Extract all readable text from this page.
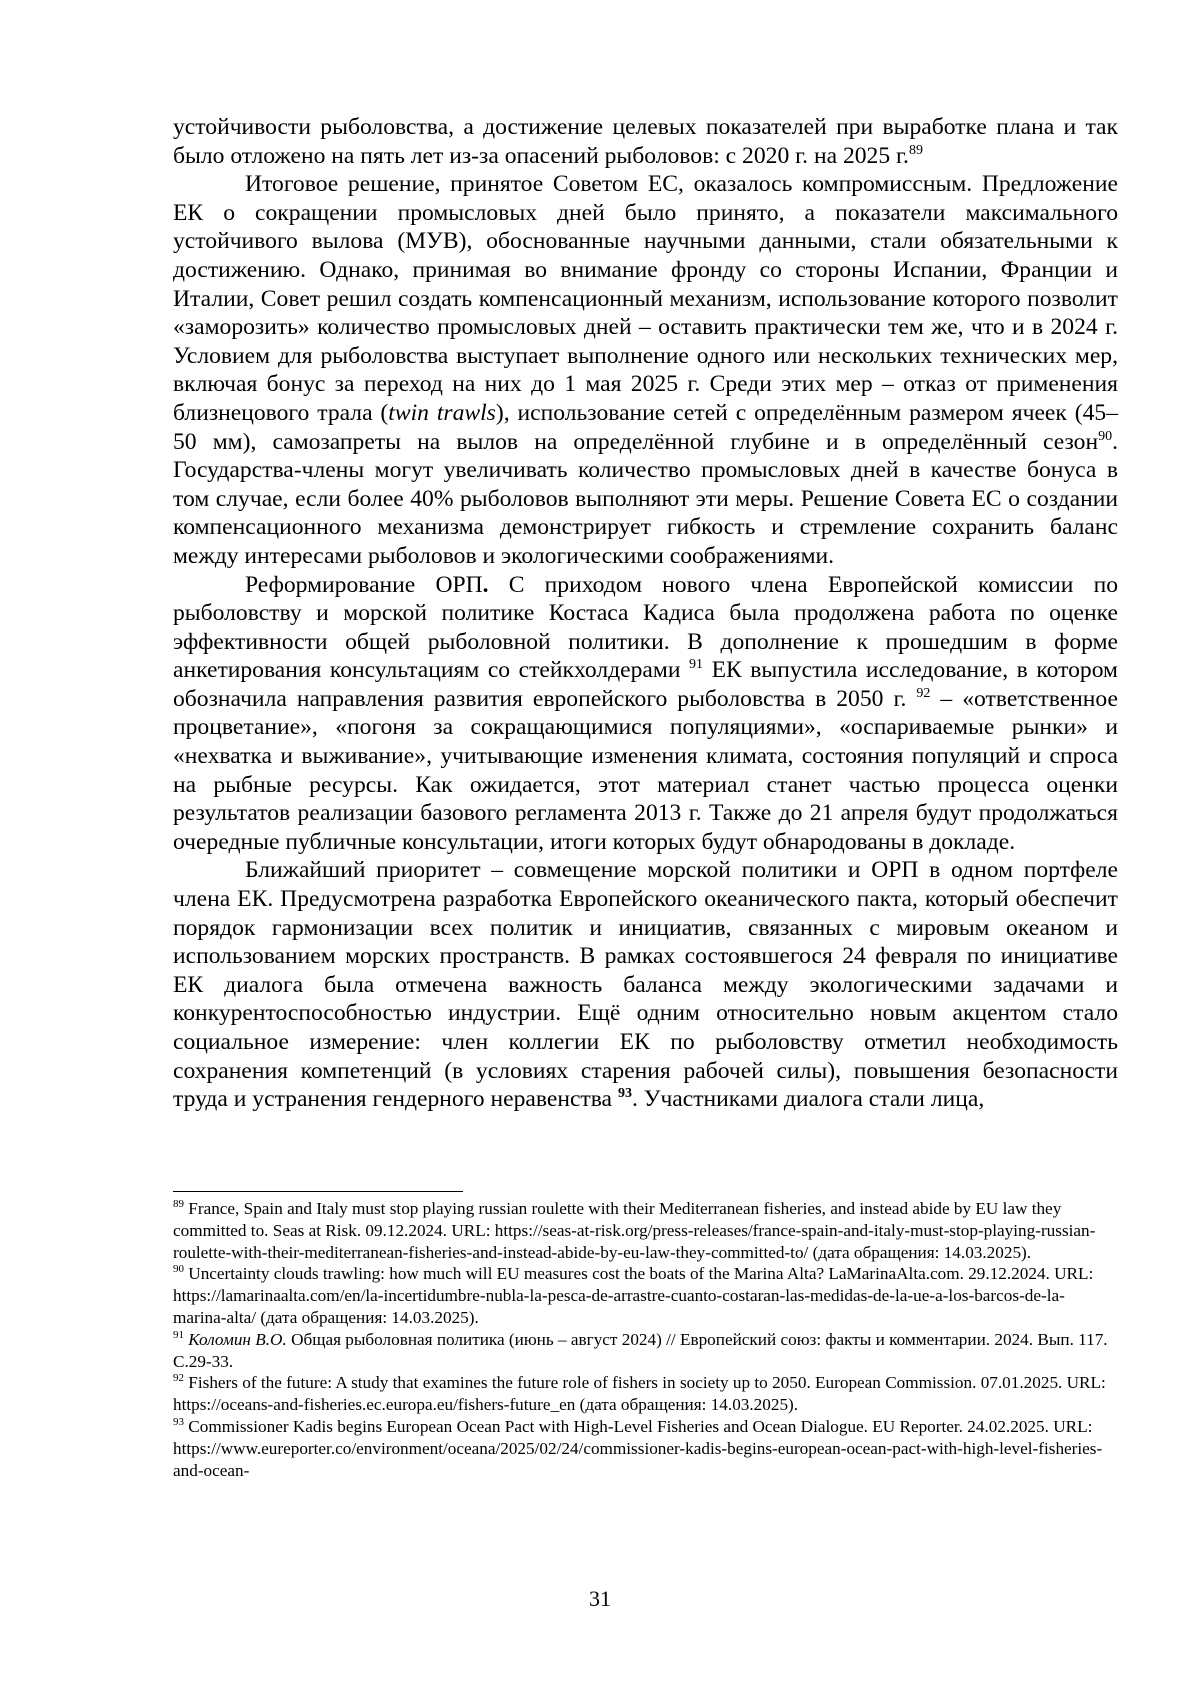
устойчивости рыболовства, а достижение целевых показателей при выработке плана и так было отложено на пять лет из-за опасений рыболовов: с 2020 г. на 2025 г.$^{89}$

Итоговое решение, принятое Советом ЕС, оказалось компромиссным. Предложение ЕК о сокращении промысловых дней было принято, а показатели максимального устойчивого вылова (МУВ), обоснованные научными данными, стали обязательными к достижению. Однако, принимая во внимание фронду со стороны Испании, Франции и Италии, Совет решил создать компенсационный механизм, использование которого позволит «заморозить» количество промысловых дней – оставить практически тем же, что и в 2024 г. Условием для рыболовства выступает выполнение одного или нескольких технических мер, включая бонус за переход на них до 1 мая 2025 г. Среди этих мер – отказ от применения близнецового трала (twin trawls), использование сетей с определённым размером ячеек (45–50 мм), самозапреты на вылов на определённой глубине и в определённый сезон$^{90}$. Государства-члены могут увеличивать количество промысловых дней в качестве бонуса в том случае, если более 40% рыболовов выполняют эти меры. Решение Совета ЕС о создании компенсационного механизма демонстрирует гибкость и стремление сохранить баланс между интересами рыболовов и экологическими соображениями.

Реформирование ОРП. С приходом нового члена Европейской комиссии по рыболовству и морской политике Костаса Кадиса была продолжена работа по оценке эффективности общей рыболовной политики. В дополнение к прошедшим в форме анкетирования консультациям со стейкхолдерами $^{91}$ ЕК выпустила исследование, в котором обозначила направления развития европейского рыболовства в 2050 г. $^{92}$ – «ответственное процветание», «погоня за сокращающимися популяциями», «оспариваемые рынки» и «нехватка и выживание», учитывающие изменения климата, состояния популяций и спроса на рыбные ресурсы. Как ожидается, этот материал станет частью процесса оценки результатов реализации базового регламента 2013 г. Также до 21 апреля будут продолжаться очередные публичные консультации, итоги которых будут обнародованы в докладе.

Ближайший приоритет – совмещение морской политики и ОРП в одном портфеле члена ЕК. Предусмотрена разработка Европейского океанического пакта, который обеспечит порядок гармонизации всех политик и инициатив, связанных с мировым океаном и использованием морских пространств. В рамках состоявшегося 24 февраля по инициативе ЕК диалога была отмечена важность баланса между экологическими задачами и конкурентоспособностью индустрии. Ещё одним относительно новым акцентом стало социальное измерение: член коллегии ЕК по рыболовству отметил необходимость сохранения компетенций (в условиях старения рабочей силы), повышения безопасности труда и устранения гендерного неравенства $^{93}$. Участниками диалога стали лица,

$^{89}$ France, Spain and Italy must stop playing russian roulette with their Mediterranean fisheries, and instead abide by EU law they committed to. Seas at Risk. 09.12.2024. URL: https://seas-at-risk.org/press-releases/france-spain-and-italy-must-stop-playing-russian-roulette-with-their-mediterranean-fisheries-and-instead-abide-by-eu-law-they-committed-to/ (дата обращения: 14.03.2025).

$^{90}$ Uncertainty clouds trawling: how much will EU measures cost the boats of the Marina Alta? LaMarinaAlta.com. 29.12.2024. URL: https://lamarinaalta.com/en/la-incertidumbre-nubla-la-pesca-de-arrastre-cuanto-costaran-las-medidas-de-la-ue-a-los-barcos-de-la-marina-alta/ (дата обращения: 14.03.2025).

$^{91}$ Коломин В.О. Общая рыболовная политика (июнь – август 2024) // Европейский союз: факты и комментарии. 2024. Вып. 117. С.29-33.

$^{92}$ Fishers of the future: A study that examines the future role of fishers in society up to 2050. European Commission. 07.01.2025. URL: https://oceans-and-fisheries.ec.europa.eu/fishers-future_en (дата обращения: 14.03.2025).

$^{93}$ Commissioner Kadis begins European Ocean Pact with High-Level Fisheries and Ocean Dialogue. EU Reporter. 24.02.2025. URL: https://www.eureporter.co/environment/oceana/2025/02/24/commissioner-kadis-begins-european-ocean-pact-with-high-level-fisheries-and-ocean-

31
